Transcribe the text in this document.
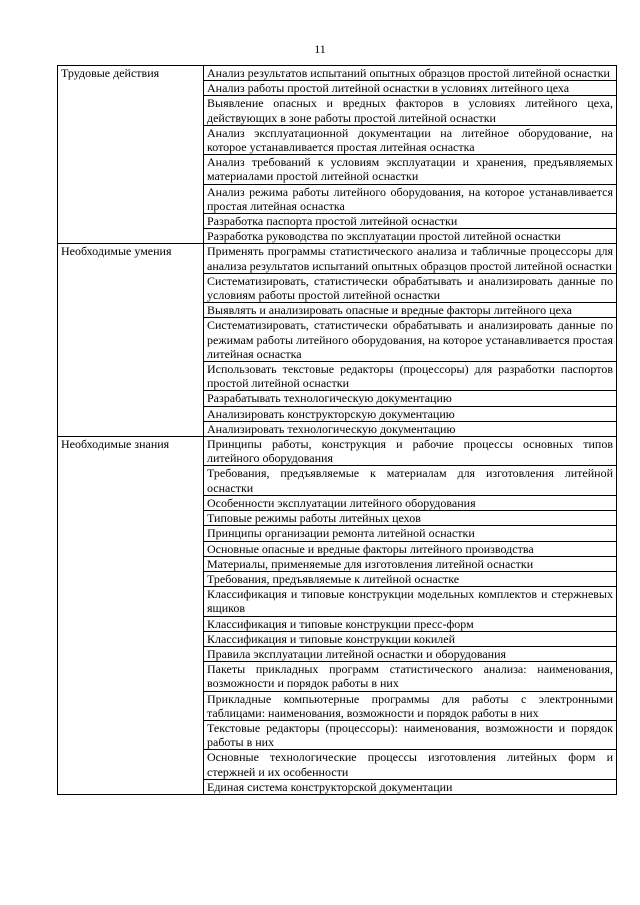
11
Трудовые действия	Анализ результатов испытаний опытных образцов простой литейной оснастки
	Анализ работы простой литейной оснастки в условиях литейного цеха
	Выявление опасных и вредных факторов в условиях литейного цеха, действующих в зоне работы простой литейной оснастки
	Анализ эксплуатационной документации на литейное оборудование, на которое устанавливается простая литейная оснастка
	Анализ требований к условиям эксплуатации и хранения, предъявляемых материалами простой литейной оснастки
	Анализ режима работы литейного оборудования, на которое устанавливается простая литейная оснастка
	Разработка паспорта простой литейной оснастки
	Разработка руководства по эксплуатации простой литейной оснастки
Необходимые умения	Применять программы статистического анализа и табличные процессоры для анализа результатов испытаний опытных образцов простой литейной оснастки
	Систематизировать, статистически обрабатывать и анализировать данные по условиям работы простой литейной оснастки
	Выявлять и анализировать опасные и вредные факторы литейного цеха
	Систематизировать, статистически обрабатывать и анализировать данные по режимам работы литейного оборудования, на которое устанавливается простая литейная оснастка
	Использовать текстовые редакторы (процессоры) для разработки паспортов простой литейной оснастки
	Разрабатывать технологическую документацию
	Анализировать конструкторскую документацию
	Анализировать технологическую документацию
Необходимые знания	Принципы работы, конструкция и рабочие процессы основных типов литейного оборудования
	Требования, предъявляемые к материалам для изготовления литейной оснастки
	Особенности эксплуатации литейного оборудования
	Типовые режимы работы литейных цехов
	Принципы организации ремонта литейной оснастки
	Основные опасные и вредные факторы литейного производства
	Материалы, применяемые для изготовления литейной оснастки
	Требования, предъявляемые к литейной оснастке
	Классификация и типовые конструкции модельных комплектов и стержневых ящиков
	Классификация и типовые конструкции пресс-форм
	Классификация и типовые конструкции кокилей
	Правила эксплуатации литейной оснастки и оборудования
	Пакеты прикладных программ статистического анализа: наименования, возможности и порядок работы в них
	Прикладные компьютерные программы для работы с электронными таблицами: наименования, возможности и порядок работы в них
	Текстовые редакторы (процессоры): наименования, возможности и порядок работы в них
	Основные технологические процессы изготовления литейных форм и стержней и их особенности
	Единая система конструкторской документации
